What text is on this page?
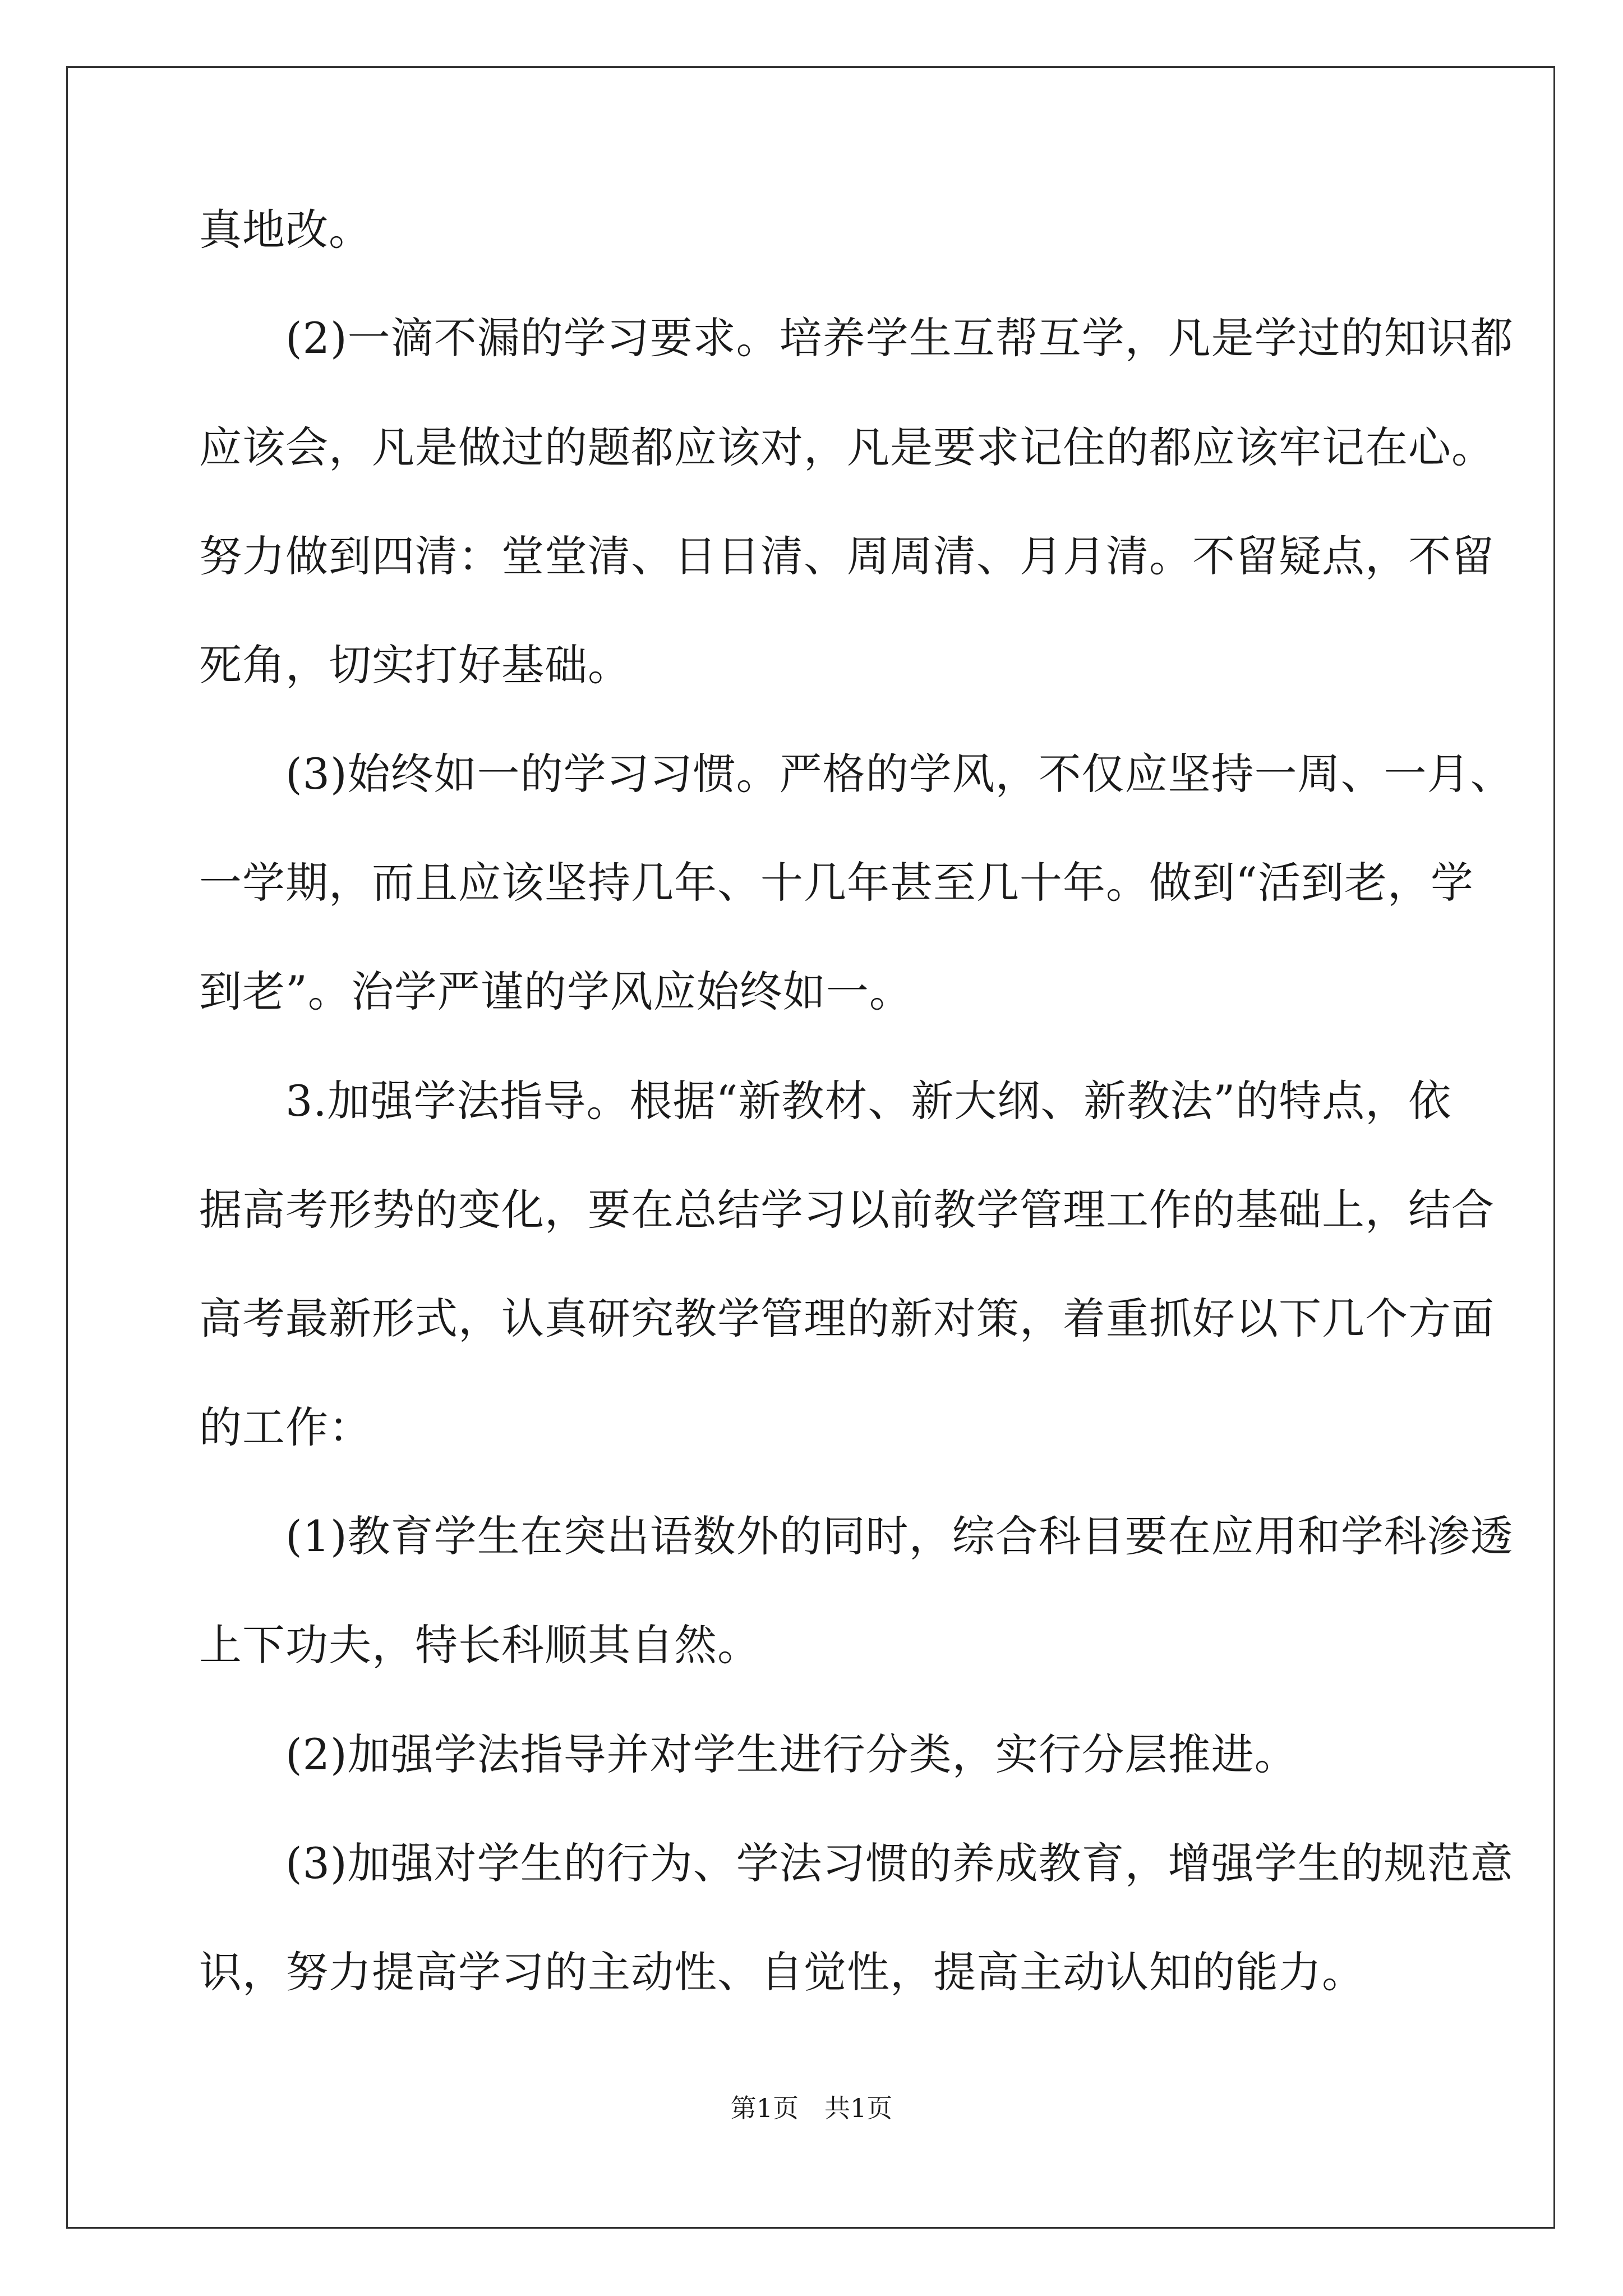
真地改。
　　(2)一滴不漏的学习要求。培养学生互帮互学，凡是学过的知识都
应该会，凡是做过的题都应该对，凡是要求记住的都应该牢记在心。
努力做到四清：堂堂清、日日清、周周清、月月清。不留疑点，不留
死角，切实打好基础。
　　(3)始终如一的学习习惯。严格的学风，不仅应坚持一周、一月、
一学期，而且应该坚持几年、十几年甚至几十年。做到“活到老，学
到老”。治学严谨的学风应始终如一。
　　3.加强学法指导。根据“新教材、新大纲、新教法”的特点，依
据高考形势的变化，要在总结学习以前教学管理工作的基础上，结合
高考最新形式，认真研究教学管理的新对策，着重抓好以下几个方面
的工作：
　　(1)教育学生在突出语数外的同时，综合科目要在应用和学科渗透
上下功夫，特长科顺其自然。
　　(2)加强学法指导并对学生进行分类，实行分层推进。
　　(3)加强对学生的行为、学法习惯的养成教育，增强学生的规范意
识，努力提高学习的主动性、自觉性，提高主动认知的能力。
第1页　共1页
